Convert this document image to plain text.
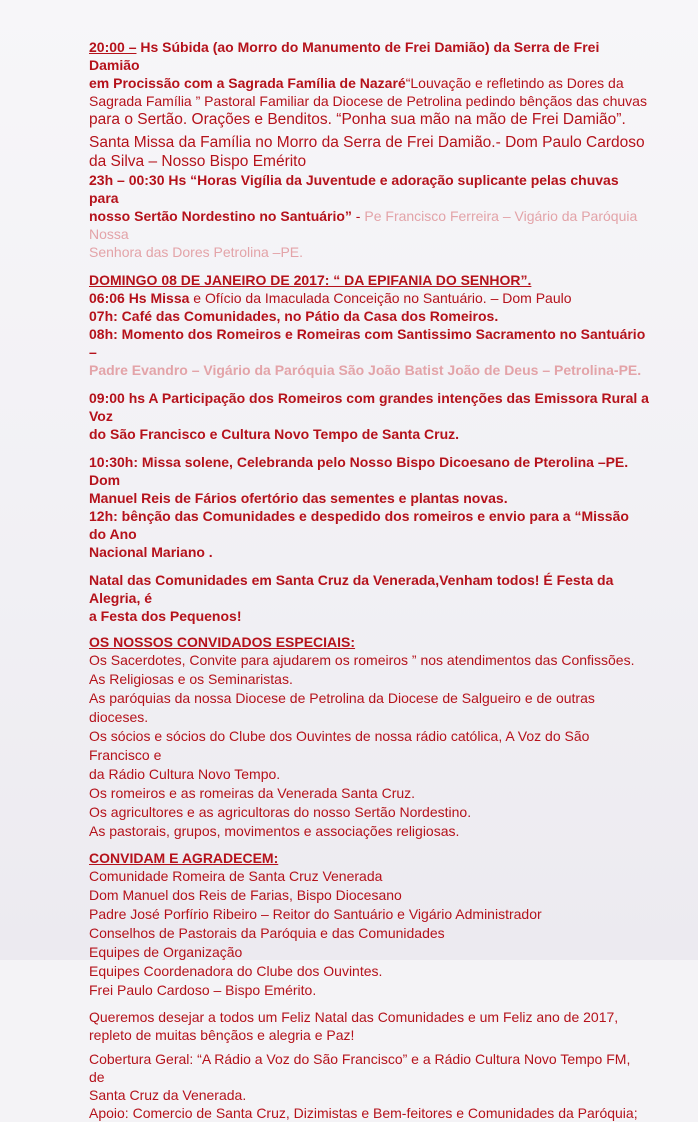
20:00 – Hs Súbida (ao Morro do Manumento de Frei Damião) da Serra de Frei Damião

em Procissão com a Sagrada Família de Nazaré“Louvação e refletindo as Dores da

Sagrada Família ” Pastoral Familiar da Diocese de Petrolina pedindo bênçãos das chuvas

para o Sertão. Orações e Benditos. “Ponha sua mão na mão de Frei Damião”.

Santa Missa da Família no Morro da Serra de Frei Damião.- Dom Paulo Cardoso

da Silva – Nosso Bispo Emérito

23h – 00:30 Hs “Horas Vigília da Juventude e adoração suplicante pelas chuvas para

nosso Sertão Nordestino no Santuário” - Pe Francisco Ferreira – Vigário da Paróquia Nossa

Senhora das Dores Petrolina –PE.

DOMINGO 08 DE JANEIRO DE 2017: “ DA EPIFANIA DO SENHOR”.

06:06 Hs Missa e Ofício da Imaculada Conceição no Santuário. – Dom Paulo

07h: Café das Comunidades, no Pátio da Casa dos Romeiros.

08h: Momento dos Romeiros e Romeiras com Santissimo Sacramento no Santuário –

Padre Evandro – Vigário da Paróquia São João Batist João de Deus – Petrolina-PE.

09:00 hs A Participação dos Romeiros com grandes intenções das Emissora Rural a Voz

do São Francisco e Cultura Novo Tempo de Santa Cruz.

10:30h: Missa solene, Celebranda pelo Nosso Bispo Dicoesano de Pterolina –PE. Dom

Manuel Reis de Fários ofertório das sementes e plantas novas.

12h: bênção das Comunidades e despedido dos romeiros e envio para a “Missão do Ano

Nacional Mariano .

Natal das Comunidades em Santa Cruz da Venerada,Venham todos! É Festa da Alegria, é

a Festa dos Pequenos!

OS NOSSOS CONVIDADOS ESPECIAIS:

Os Sacerdotes, Convite para ajudarem os romeiros ” nos atendimentos das Confissões.

As Religiosas e os Seminaristas.

As paróquias da nossa Diocese de Petrolina da Diocese de Salgueiro e de outras dioceses.

Os sócios e sócios do Clube dos Ouvintes de nossa rádio católica, A Voz do São Francisco e

da Rádio Cultura Novo Tempo.

Os romeiros e as romeiras da Venerada Santa Cruz.

Os agricultores e as agricultoras do nosso Sertão Nordestino.

As pastorais, grupos, movimentos e associações religiosas.

CONVIDAM E AGRADECEM:

Comunidade Romeira de Santa Cruz Venerada

Dom Manuel dos Reis de Farias, Bispo Diocesano

Padre José Porfírio Ribeiro – Reitor do Santuário e Vigário Administrador

Conselhos de Pastorais da Paróquia e das Comunidades

Equipes de Organização

Equipes Coordenadora do Clube dos Ouvintes.

Frei Paulo Cardoso – Bispo Emérito.

Queremos desejar a todos um Feliz Natal das Comunidades e um Feliz ano de 2017,

repleto de muitas bênçãos e alegria e Paz!

Cobertura Geral: “A Rádio a Voz do São Francisco” e a Rádio Cultura Novo Tempo FM, de

Santa Cruz da Venerada.

Apoio: Comercio de Santa Cruz, Dizimistas e Bem-feitores e Comunidades da Paróquia;
